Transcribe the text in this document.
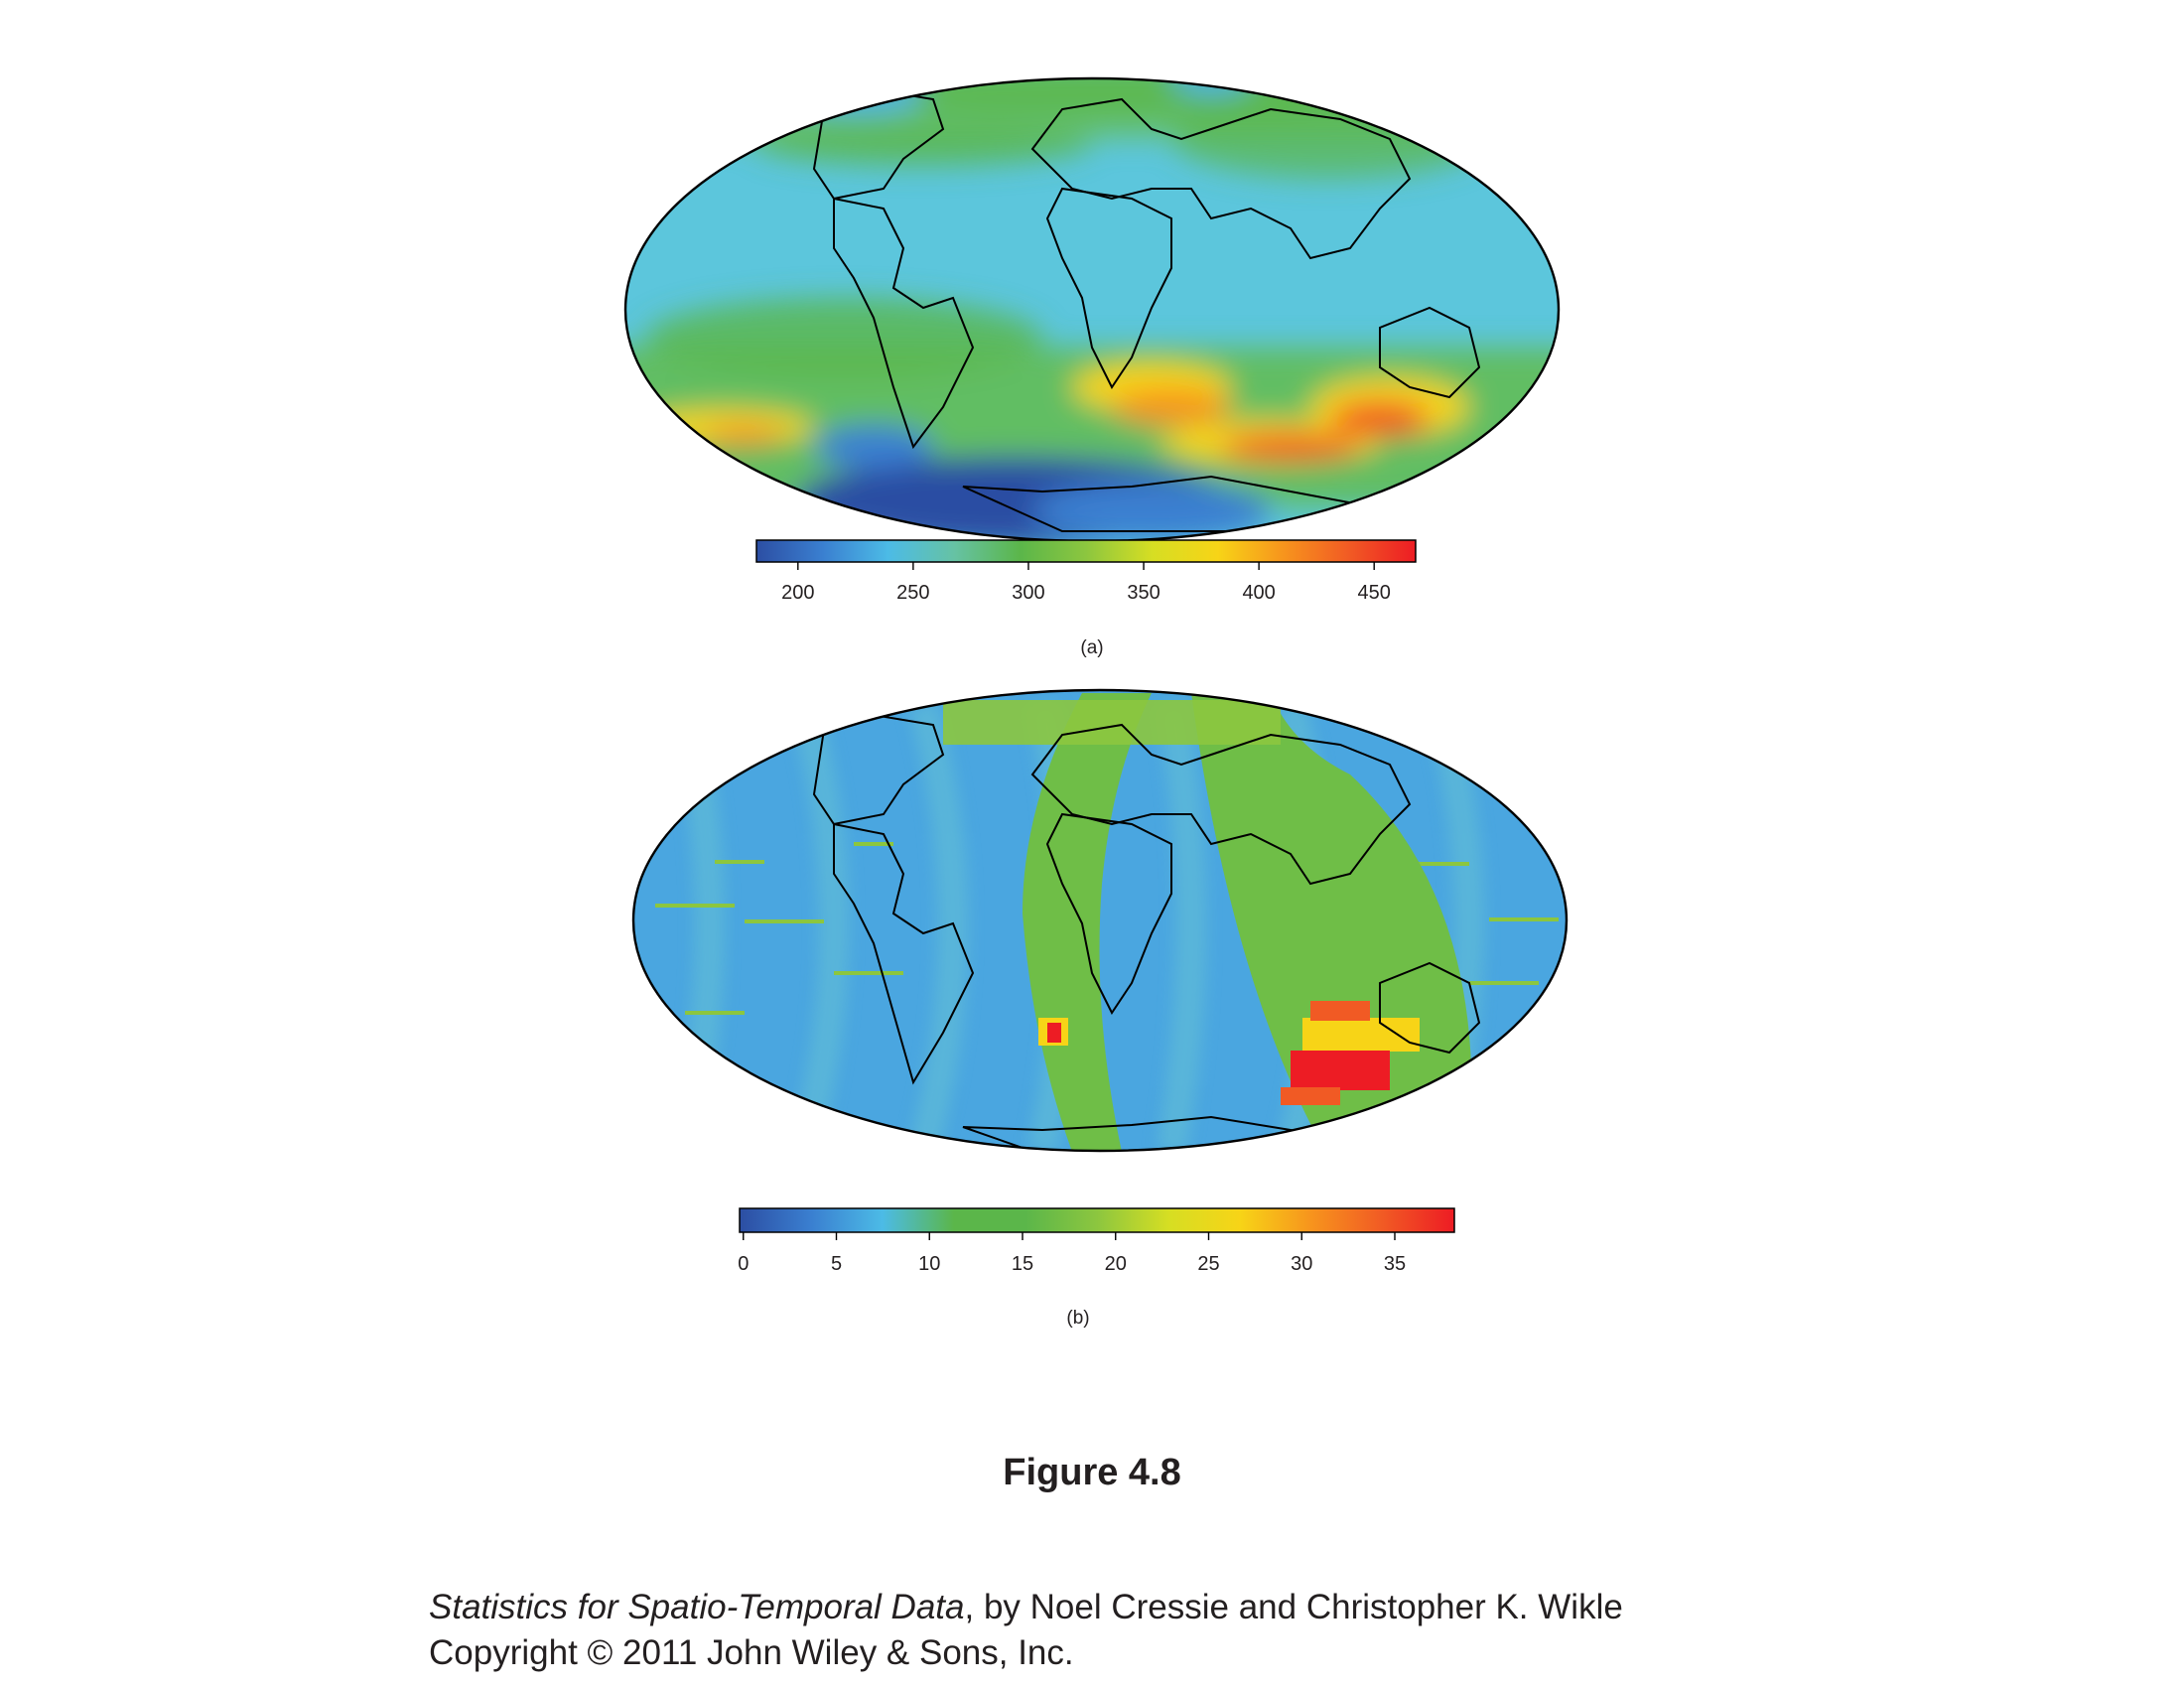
200	250	300	350	400	450
(a)
0	5	10	15	20	25	30	35
(b)
Figure 4.8
Statistics for Spatio-Temporal Data, by Noel Cressie and Christopher K. Wikle
Copyright © 2011 John Wiley & Sons, Inc.
